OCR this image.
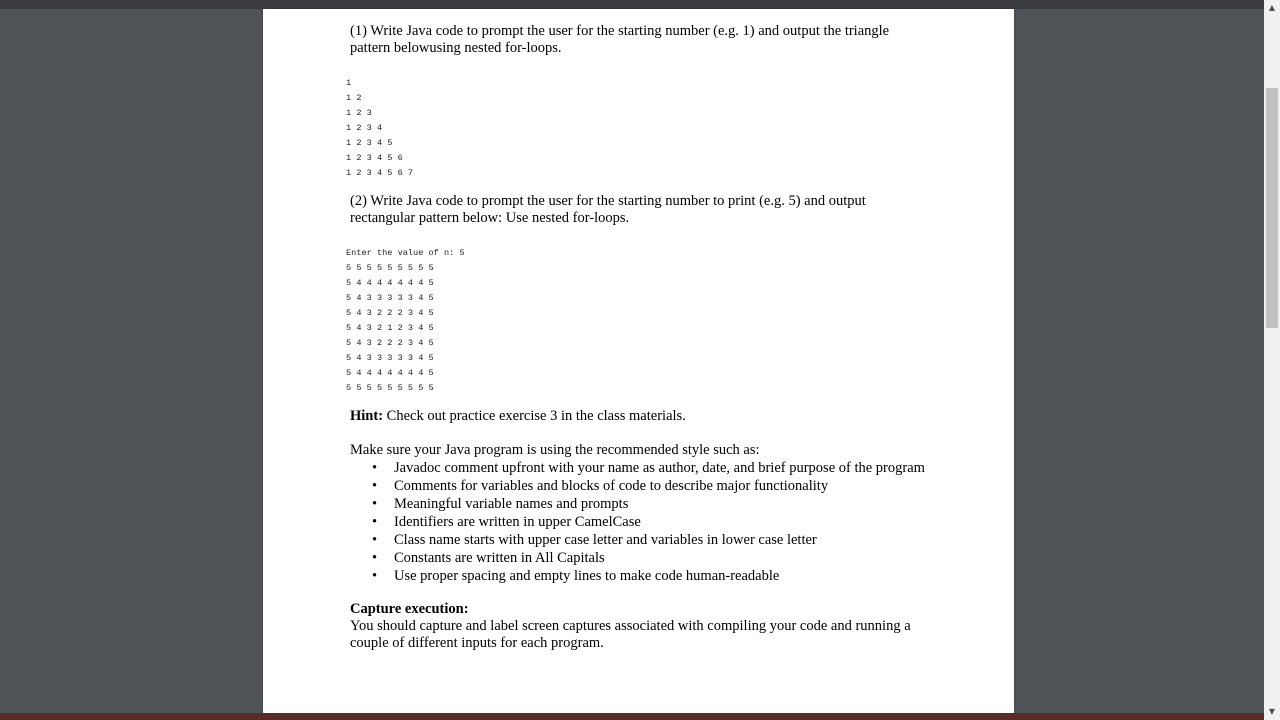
(1) Write Java code to prompt the user for the starting number (e.g. 1) and output the triangle pattern belowusing nested for-loops.

1
1 2
1 2 3
1 2 3 4
1 2 3 4 5
1 2 3 4 5 6
1 2 3 4 5 6 7

(2) Write Java code to prompt the user for the starting number to print (e.g. 5) and output rectangular pattern below: Use nested for-loops.

Enter the value of n: 5
5 5 5 5 5 5 5 5 5
5 4 4 4 4 4 4 4 5
5 4 3 3 3 3 3 4 5
5 4 3 2 2 2 3 4 5
5 4 3 2 1 2 3 4 5
5 4 3 2 2 2 3 4 5
5 4 3 3 3 3 3 4 5
5 4 4 4 4 4 4 4 5
5 5 5 5 5 5 5 5 5

Hint: Check out practice exercise 3 in the class materials.

Make sure your Java program is using the recommended style such as:

• Javadoc comment upfront with your name as author, date, and brief purpose of the program
• Comments for variables and blocks of code to describe major functionality
• Meaningful variable names and prompts
• Identifiers are written in upper CamelCase
• Class name starts with upper case letter and variables in lower case letter
• Constants are written in All Capitals
• Use proper spacing and empty lines to make code human-readable

Capture execution:

You should capture and label screen captures associated with compiling your code and running a couple of different inputs for each program.

▲
▼
